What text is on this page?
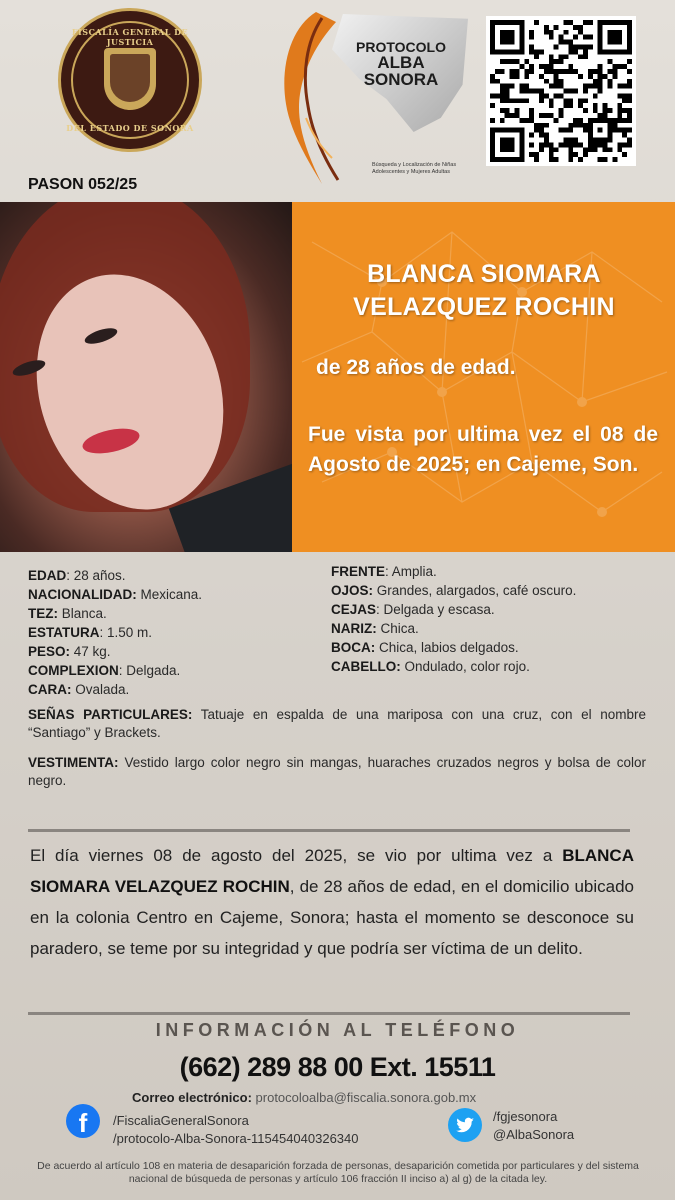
FISCALÍA GENERAL DE JUSTICIA
DEL ESTADO DE SONORA
PASON 052/25
PROTOCOLO
ALBA
SONORA
Búsqueda y Localización de Niñas Adolescentes y Mujeres Adultas
BLANCA SIOMARA VELAZQUEZ ROCHIN
de 28 años de edad.
Fue vista por ultima vez el 08 de Agosto de 2025; en Cajeme, Son.
EDAD: 28 años.
NACIONALIDAD: Mexicana.
TEZ: Blanca.
ESTATURA: 1.50 m.
PESO: 47 kg.
COMPLEXION: Delgada.
CARA: Ovalada.
FRENTE: Amplia.
OJOS: Grandes, alargados, café oscuro.
CEJAS: Delgada y escasa.
NARIZ: Chica.
BOCA: Chica, labios delgados.
CABELLO: Ondulado, color rojo.
SEÑAS PARTICULARES: Tatuaje en espalda de una mariposa con una cruz, con el nombre “Santiago” y Brackets.
VESTIMENTA: Vestido largo color negro sin mangas, huaraches cruzados negros y bolsa de color negro.
El día viernes 08 de agosto del 2025, se vio por ultima vez a BLANCA SIOMARA VELAZQUEZ ROCHIN, de 28 años de edad, en el domicilio ubicado en la colonia Centro en Cajeme, Sonora; hasta el momento se desconoce su paradero, se teme por su integridad y que podría ser víctima de un delito.
INFORMACIÓN AL TELÉFONO
(662) 289 88 00 Ext. 15511
Correo electrónico: protocoloalba@fiscalia.sonora.gob.mx
f	/FiscaliaGeneralSonora
/protocolo-Alba-Sonora-115454040326340
/fgjesonora
@AlbaSonora
De acuerdo al artículo 108 en materia de desaparición forzada de personas, desaparición cometida por particulares y del sistema nacional de búsqueda de personas y artículo 106 fracción II inciso a) al g) de la citada ley.
